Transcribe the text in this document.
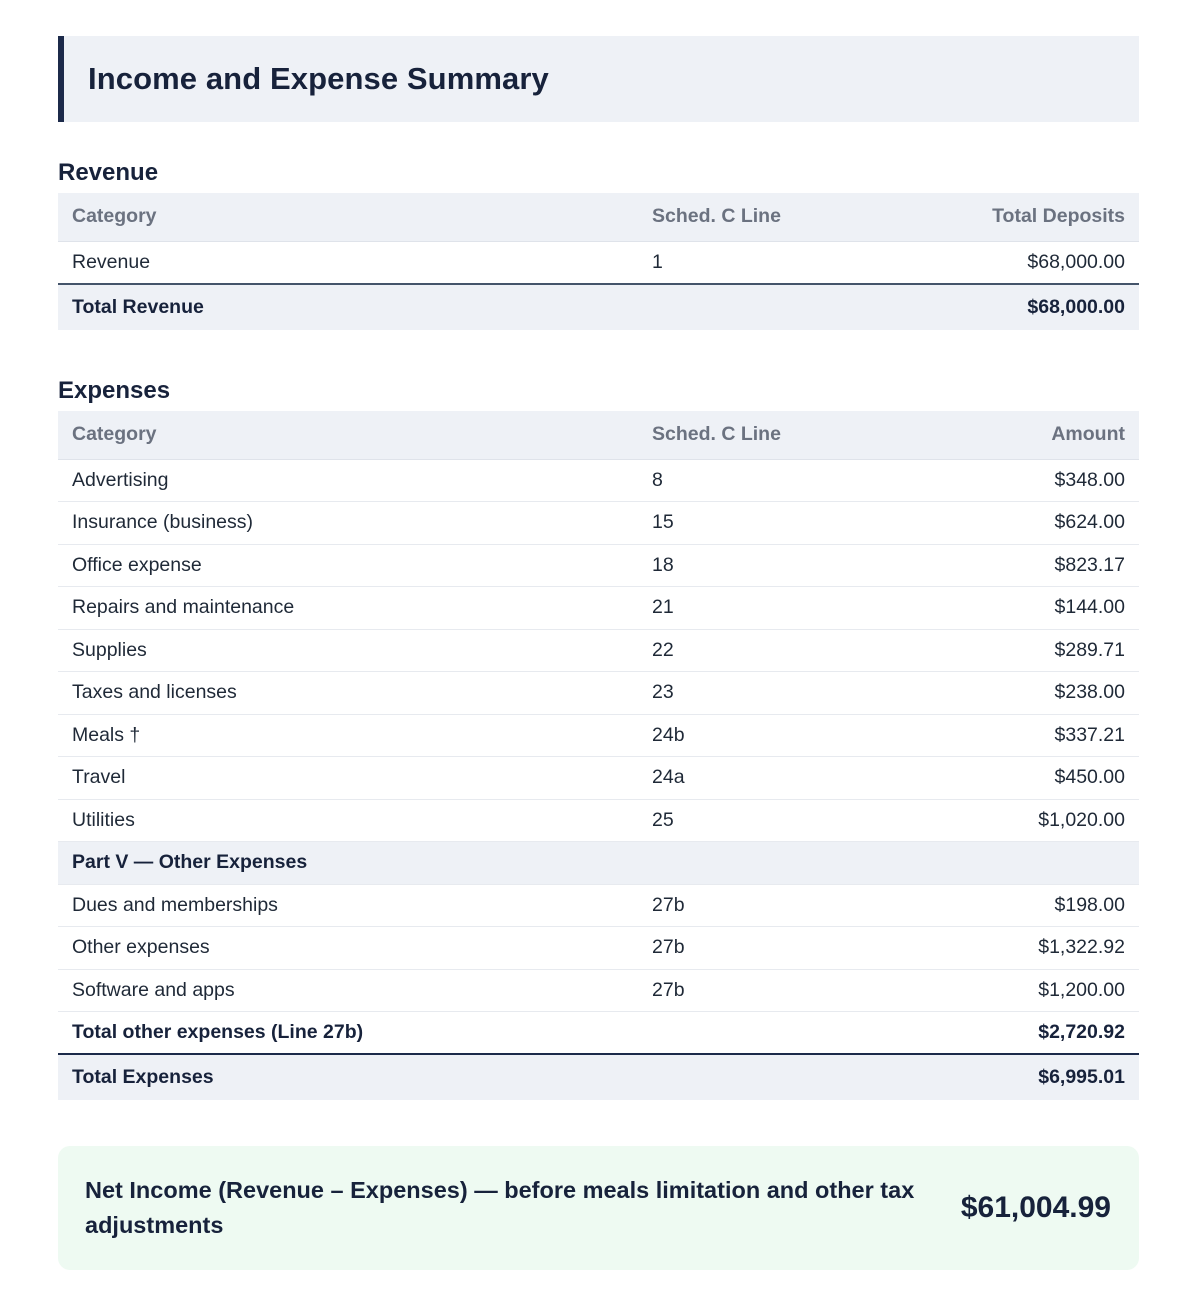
Income and Expense Summary
Revenue
Category	Sched. C Line	Total Deposits
Revenue	1	$68,000.00
Total Revenue		$68,000.00
Expenses
Category	Sched. C Line	Amount
Advertising	8	$348.00
Insurance (business)	15	$624.00
Office expense	18	$823.17
Repairs and maintenance	21	$144.00
Supplies	22	$289.71
Taxes and licenses	23	$238.00
Meals †	24b	$337.21
Travel	24a	$450.00
Utilities	25	$1,020.00
Part V — Other Expenses		
Dues and memberships	27b	$198.00
Other expenses	27b	$1,322.92
Software and apps	27b	$1,200.00
Total other expenses (Line 27b)		$2,720.92
Total Expenses		$6,995.01
Net Income (Revenue – Expenses) — before meals limitation and other tax adjustments
$61,004.99
